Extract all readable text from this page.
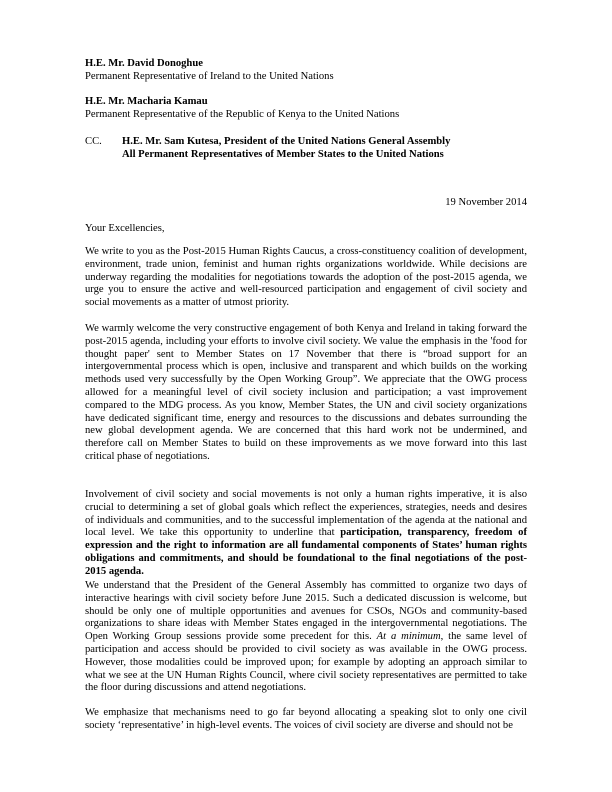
H.E. Mr. David Donoghue
Permanent Representative of Ireland to the United Nations
H.E. Mr. Macharia Kamau
Permanent Representative of the Republic of Kenya to the United Nations
CC. H.E. Mr. Sam Kutesa, President of the United Nations General Assembly
All Permanent Representatives of Member States to the United Nations
19 November 2014
Your Excellencies,

We write to you as the Post-2015 Human Rights Caucus, a cross-constituency coalition of development, environment, trade union, feminist and human rights organizations worldwide. While decisions are underway regarding the modalities for negotiations towards the adoption of the post-2015 agenda, we urge you to ensure the active and well-resourced participation and engagement of civil society and social movements as a matter of utmost priority.

We warmly welcome the very constructive engagement of both Kenya and Ireland in taking forward the post-2015 agenda, including your efforts to involve civil society. We value the emphasis in the 'food for thought paper' sent to Member States on 17 November that there is “broad support for an intergovernmental process which is open, inclusive and transparent and which builds on the working methods used very successfully by the Open Working Group”. We appreciate that the OWG process allowed for a meaningful level of civil society inclusion and participation; a vast improvement compared to the MDG process. As you know, Member States, the UN and civil society organizations have dedicated significant time, energy and resources to the discussions and debates surrounding the new global development agenda. We are concerned that this hard work not be undermined, and therefore call on Member States to build on these improvements as we move forward into this last critical phase of negotiations.

Involvement of civil society and social movements is not only a human rights imperative, it is also crucial to determining a set of global goals which reflect the experiences, strategies, needs and desires of individuals and communities, and to the successful implementation of the agenda at the national and local level. We take this opportunity to underline that participation, transparency, freedom of expression and the right to information are all fundamental components of States’ human rights obligations and commitments, and should be foundational to the final negotiations of the post-2015 agenda.

We understand that the President of the General Assembly has committed to organize two days of interactive hearings with civil society before June 2015. Such a dedicated discussion is welcome, but should be only one of multiple opportunities and avenues for CSOs, NGOs and community-based organizations to share ideas with Member States engaged in the intergovernmental negotiations. The Open Working Group sessions provide some precedent for this. At a minimum, the same level of participation and access should be provided to civil society as was available in the OWG process. However, those modalities could be improved upon; for example by adopting an approach similar to what we see at the UN Human Rights Council, where civil society representatives are permitted to take the floor during discussions and attend negotiations.

We emphasize that mechanisms need to go far beyond allocating a speaking slot to only one civil society ‘representative’ in high-level events. The voices of civil society are diverse and should not be
